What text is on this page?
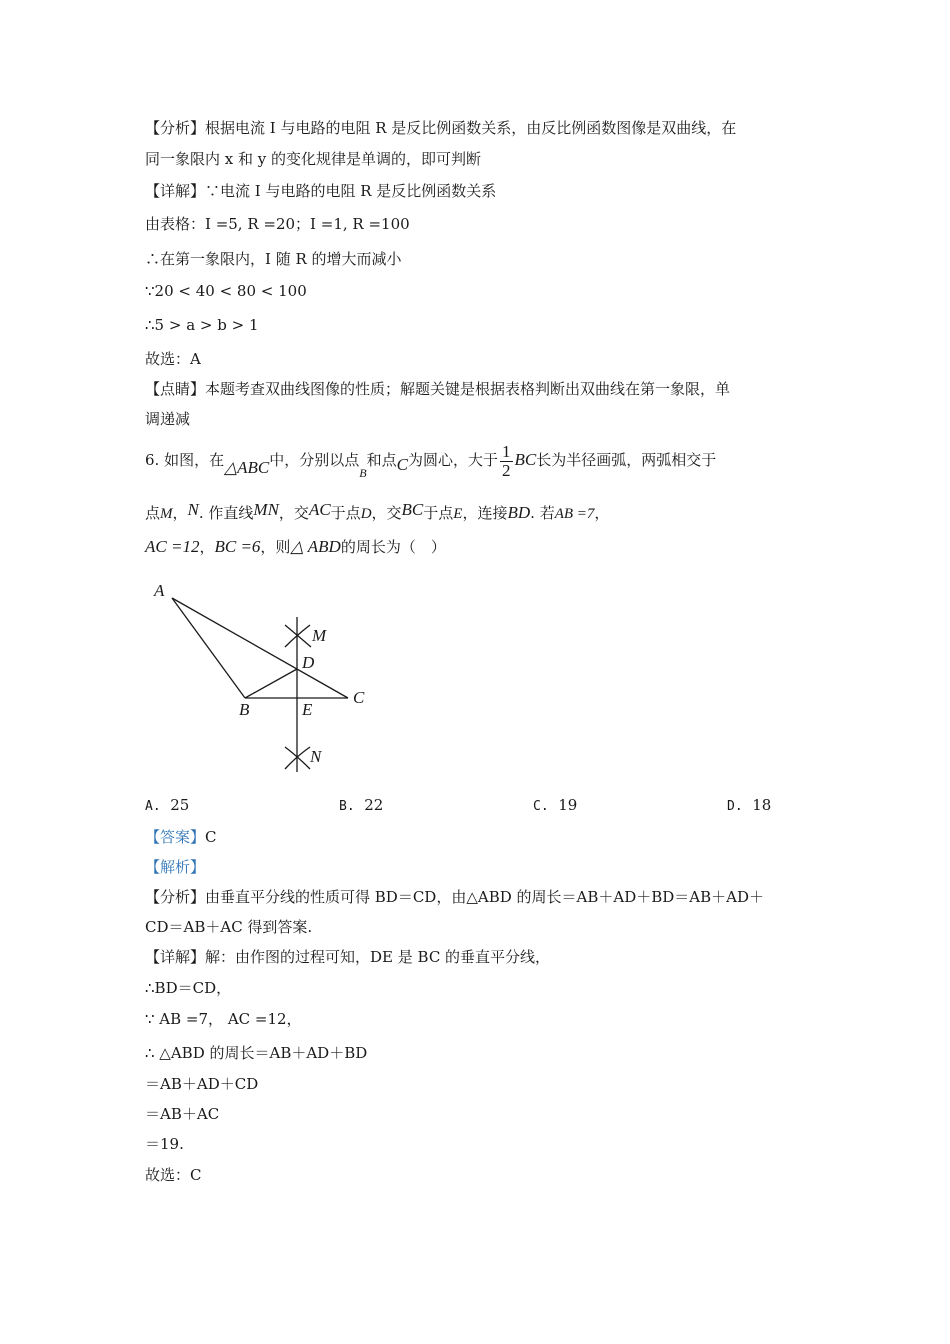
【分析】根据电流 I 与电路的电阻 R 是反比例函数关系，由反比例函数图像是双曲线，在
同一象限内 x 和 y 的变化规律是单调的，即可判断
【详解】∵电流 I 与电路的电阻 R 是反比例函数关系
由表格：I =5, R =20；I =1, R =100
∴在第一象限内，I 随 R 的增大而减小
∵20 < 40 < 80 < 100
∴5 > a > b > 1
故选：A
【点睛】本题考查双曲线图像的性质；解题关键是根据表格判断出双曲线在第一象限，单
调递减
6. 如图，在△ABC中，分别以点$_B$和点C为圆心，大于 $\frac{1}{2}$ BC长为半径画弧，两弧相交于
点M，N. 作直线MN，交AC于点D，交BC于点E，连接BD. 若AB =7，
AC =12，BC =6，则△ ABD的周长为（　）
A
M
D
C
B	E
N
A. 25	B. 22	C. 19	D. 18
【答案】C
【解析】
【分析】由垂直平分线的性质可得 BD＝CD，由△ABD 的周长＝AB＋AD＋BD＝AB＋AD＋
CD＝AB＋AC 得到答案.
【详解】解：由作图的过程可知，DE 是 BC 的垂直平分线，
∴BD＝CD，
∵ AB =7， AC =12，
∴ △ABD 的周长＝AB＋AD＋BD
＝AB＋AD＋CD
＝AB＋AC
＝19.
故选：C
